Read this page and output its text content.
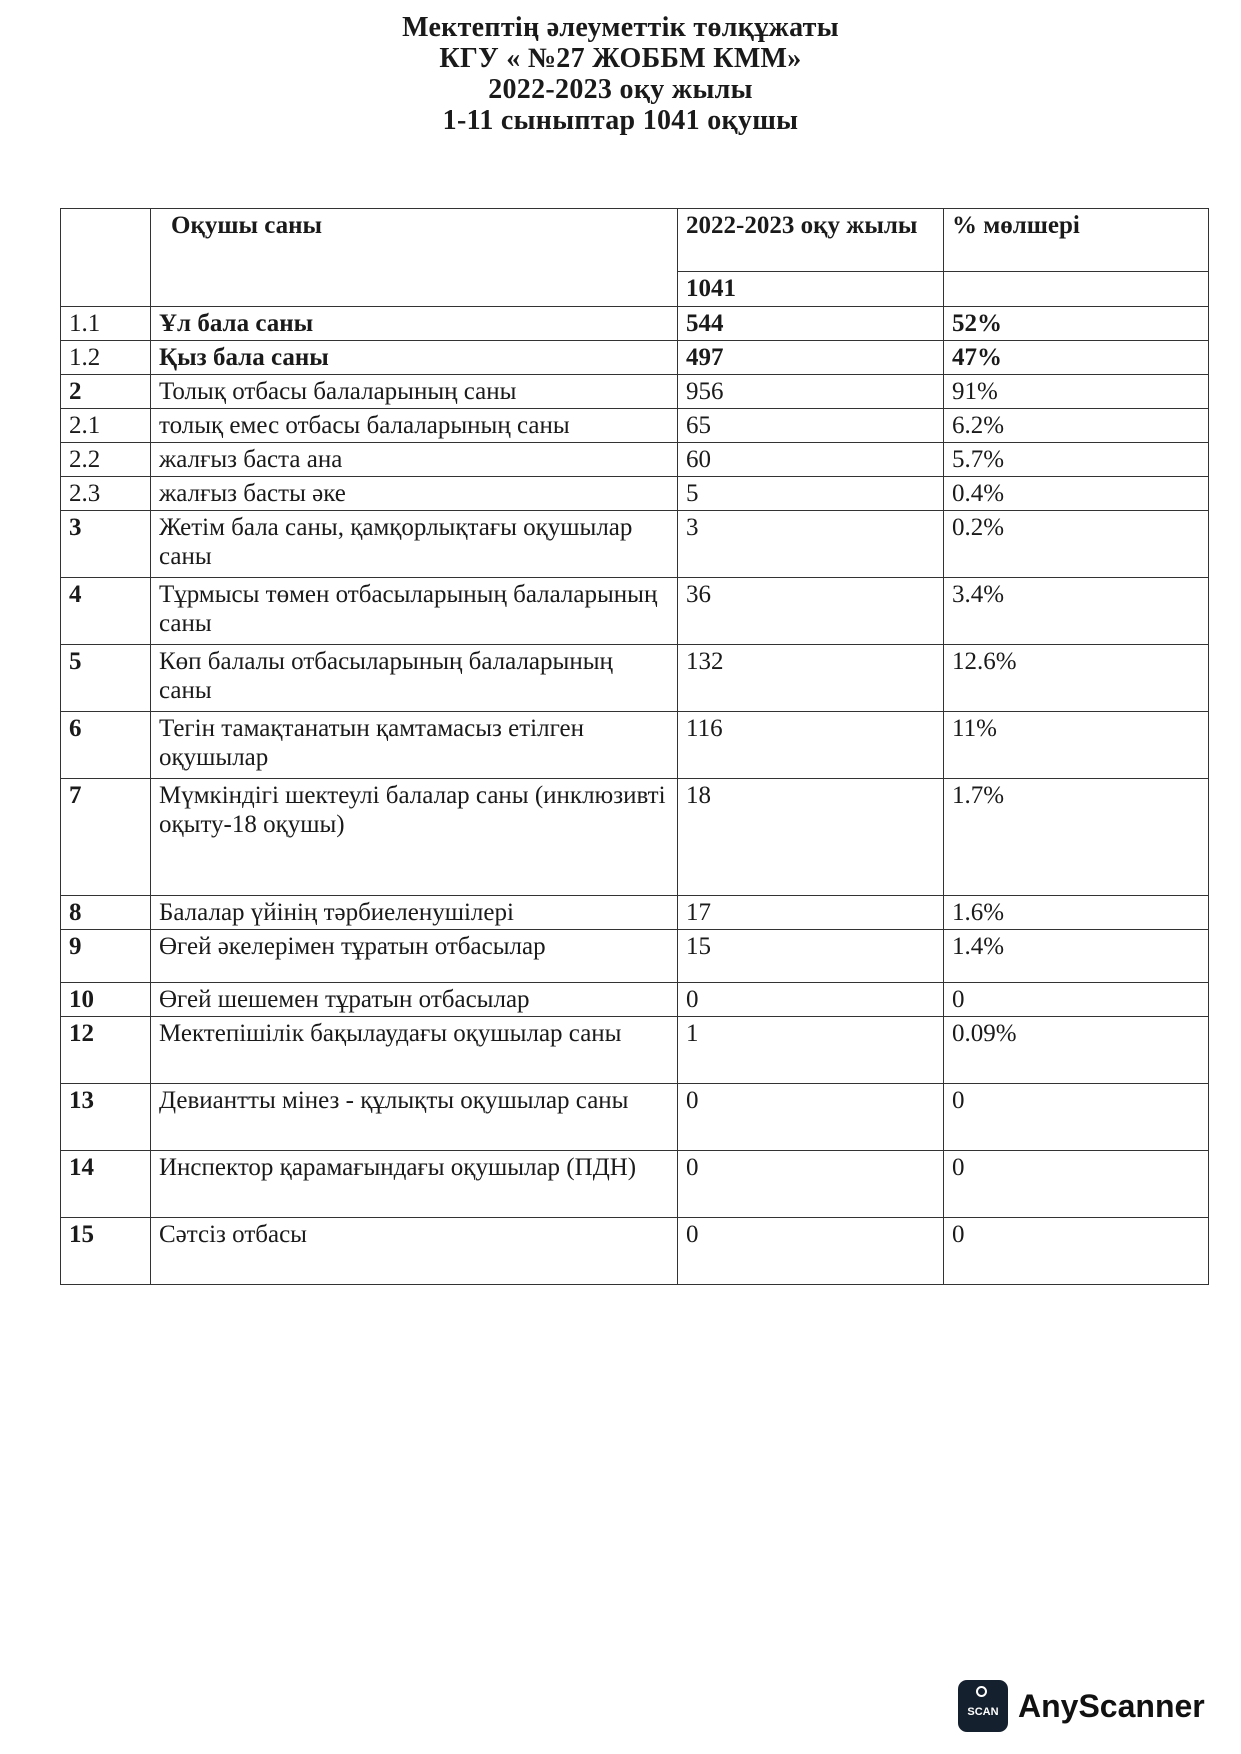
Мектептің әлеуметтік төлқұжаты
КГУ « №27 ЖОББМ КММ»
2022-2023 оқу жылы
1-11 сыныптар 1041 оқушы
	Оқушы саны	2022-2023 оқу жылы	% мөлшері
		1041	
1.1	Ұл бала саны	544	52%
1.2	Қыз бала саны	497	47%
2	Толық отбасы балаларының саны	956	91%
2.1	толық емес отбасы балаларының саны	65	6.2%
2.2	жалғыз баста ана	60	5.7%
2.3	жалғыз басты әке	5	0.4%
3	Жетім бала саны, қамқорлықтағы оқушылар саны	3	0.2%
4	Тұрмысы төмен отбасыларының балаларының саны	36	3.4%
5	Көп балалы отбасыларының балаларының саны	132	12.6%
6	Тегін тамақтанатын қамтамасыз етілген оқушылар	116	11%
7	Мүмкіндігі шектеулі балалар саны (инклюзивті оқыту-18 оқушы)	18	1.7%
8	Балалар үйінің тәрбиеленушілері	17	1.6%
9	Өгей әкелерімен тұратын отбасылар	15	1.4%
10	Өгей шешемен тұратын отбасылар	0	0
12	Мектепішілік бақылаудағы оқушылар саны	1	0.09%
13	Девиантты мінез - құлықты оқушылар саны	0	0
14	Инспектор қарамағындағы оқушылар (ПДН)	0	0
15	Сәтсіз отбасы	0	0
SCAN AnyScanner
